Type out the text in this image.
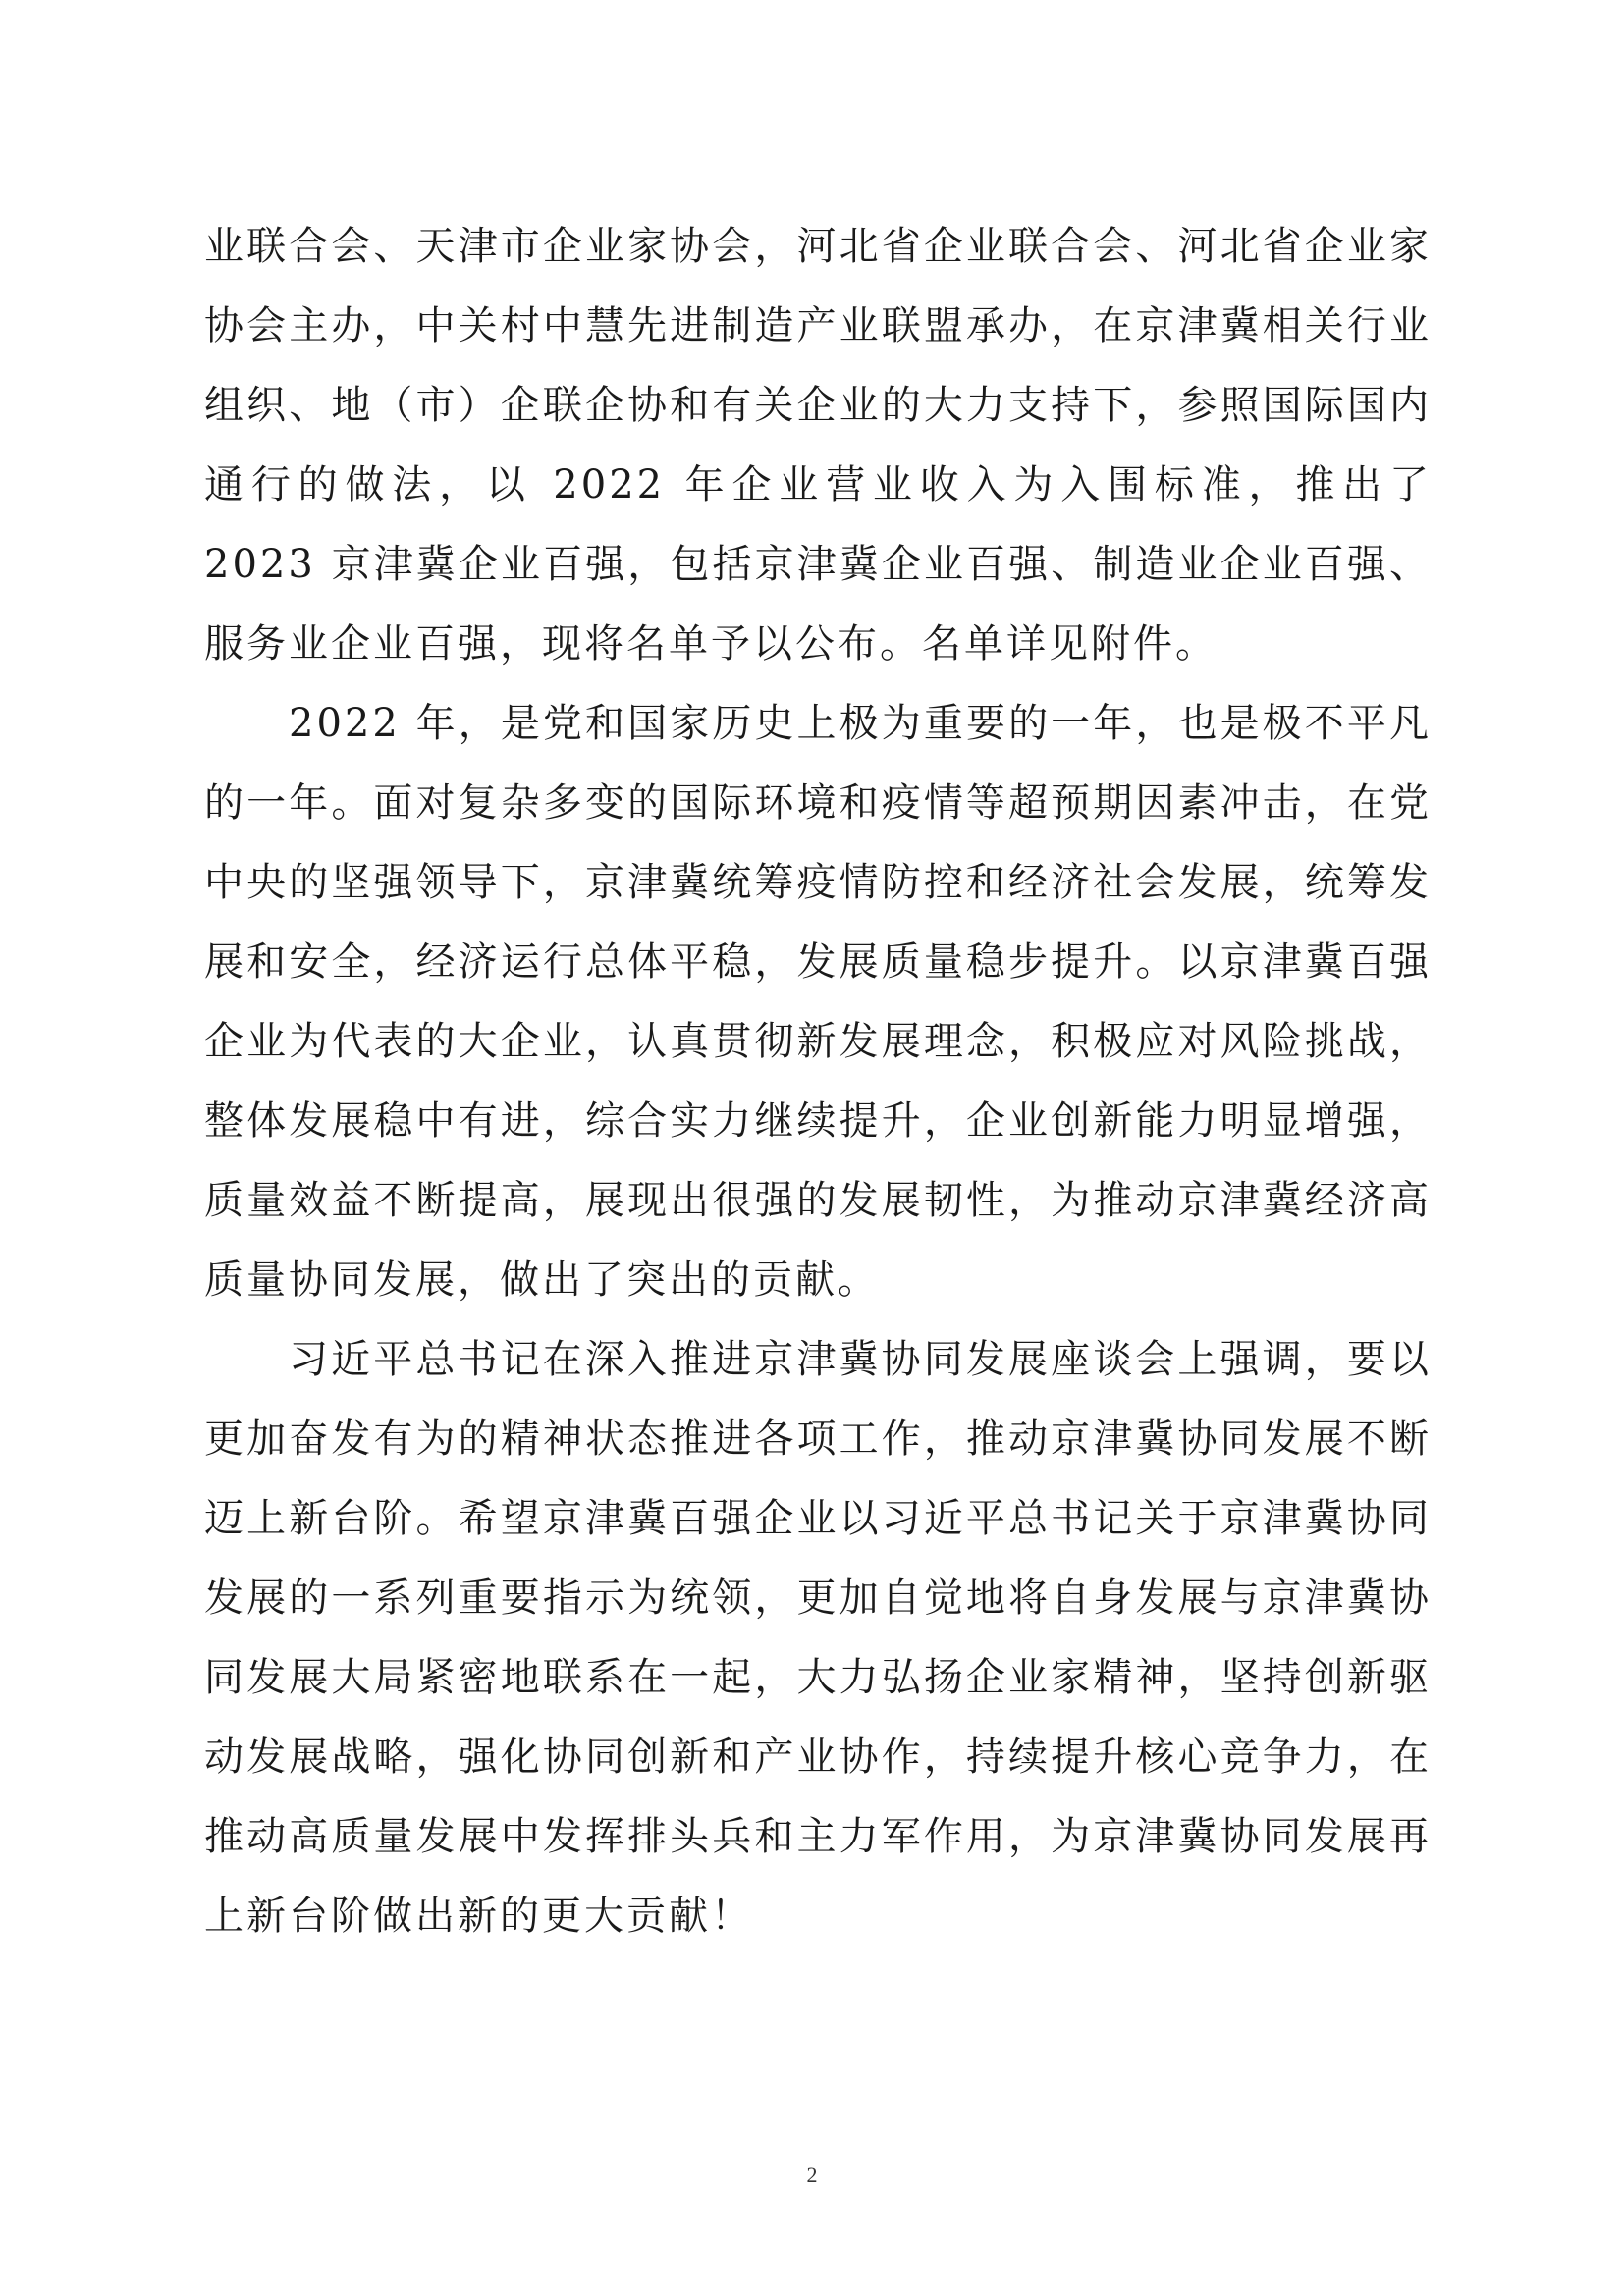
业联合会、天津市企业家协会，河北省企业联合会、河北省企业家协会主办，中关村中慧先进制造产业联盟承办，在京津冀相关行业组织、地（市）企联企协和有关企业的大力支持下，参照国际国内通行的做法，以 2022 年企业营业收入为入围标准，推出了 2023 京津冀企业百强，包括京津冀企业百强、制造业企业百强、服务业企业百强，现将名单予以公布。名单详见附件。

2022 年，是党和国家历史上极为重要的一年，也是极不平凡的一年。面对复杂多变的国际环境和疫情等超预期因素冲击，在党中央的坚强领导下，京津冀统筹疫情防控和经济社会发展，统筹发展和安全，经济运行总体平稳，发展质量稳步提升。以京津冀百强企业为代表的大企业，认真贯彻新发展理念，积极应对风险挑战，整体发展稳中有进，综合实力继续提升，企业创新能力明显增强，质量效益不断提高，展现出很强的发展韧性，为推动京津冀经济高质量协同发展，做出了突出的贡献。

习近平总书记在深入推进京津冀协同发展座谈会上强调，要以更加奋发有为的精神状态推进各项工作，推动京津冀协同发展不断迈上新台阶。希望京津冀百强企业以习近平总书记关于京津冀协同发展的一系列重要指示为统领，更加自觉地将自身发展与京津冀协同发展大局紧密地联系在一起，大力弘扬企业家精神，坚持创新驱动发展战略，强化协同创新和产业协作，持续提升核心竞争力，在推动高质量发展中发挥排头兵和主力军作用，为京津冀协同发展再上新台阶做出新的更大贡献！

2
